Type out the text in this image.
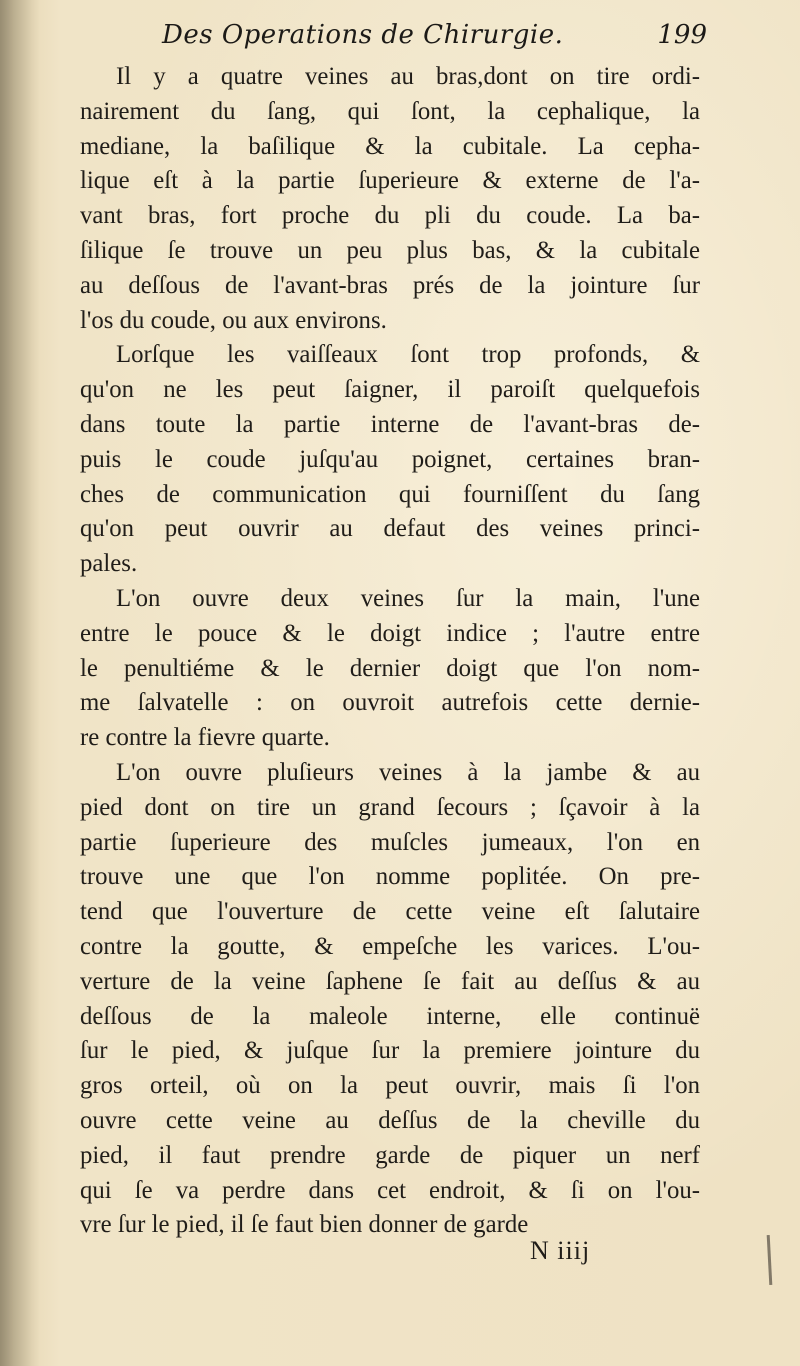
Des Operations de Chirurgie.	199
Il y a quatre veines au bras,dont on tire ordi-
nairement du ſang, qui ſont, la cephalique, la
mediane, la baſilique & la cubitale. La cepha-
lique eſt à la partie ſuperieure & externe de l'a-
vant bras, fort proche du pli du coude. La ba-
ſilique ſe trouve un peu plus bas, & la cubitale
au deſſous de l'avant-bras prés de la jointure ſur
l'os du coude, ou aux environs.
Lorſque les vaiſſeaux ſont trop profonds, &
qu'on ne les peut ſaigner, il paroiſt quelquefois
dans toute la partie interne de l'avant-bras de-
puis le coude juſqu'au poignet, certaines bran-
ches de communication qui fourniſſent du ſang
qu'on peut ouvrir au defaut des veines princi-
pales.
L'on ouvre deux veines ſur la main, l'une
entre le pouce & le doigt indice ; l'autre entre
le penultiéme & le dernier doigt que l'on nom-
me ſalvatelle : on ouvroit autrefois cette dernie-
re contre la fievre quarte.
L'on ouvre pluſieurs veines à la jambe & au
pied dont on tire un grand ſecours ; ſçavoir à la
partie ſuperieure des muſcles jumeaux, l'on en
trouve une que l'on nomme poplitée. On pre-
tend que l'ouverture de cette veine eſt ſalutaire
contre la goutte, & empeſche les varices. L'ou-
verture de la veine ſaphene ſe fait au deſſus & au
deſſous de la maleole interne, elle continuë
ſur le pied, & juſque ſur la premiere jointure du
gros orteil, où on la peut ouvrir, mais ſi l'on
ouvre cette veine au deſſus de la cheville du
pied, il faut prendre garde de piquer un nerf
qui ſe va perdre dans cet endroit, & ſi on l'ou-
vre ſur le pied, il ſe faut bien donner de garde
N iiij
